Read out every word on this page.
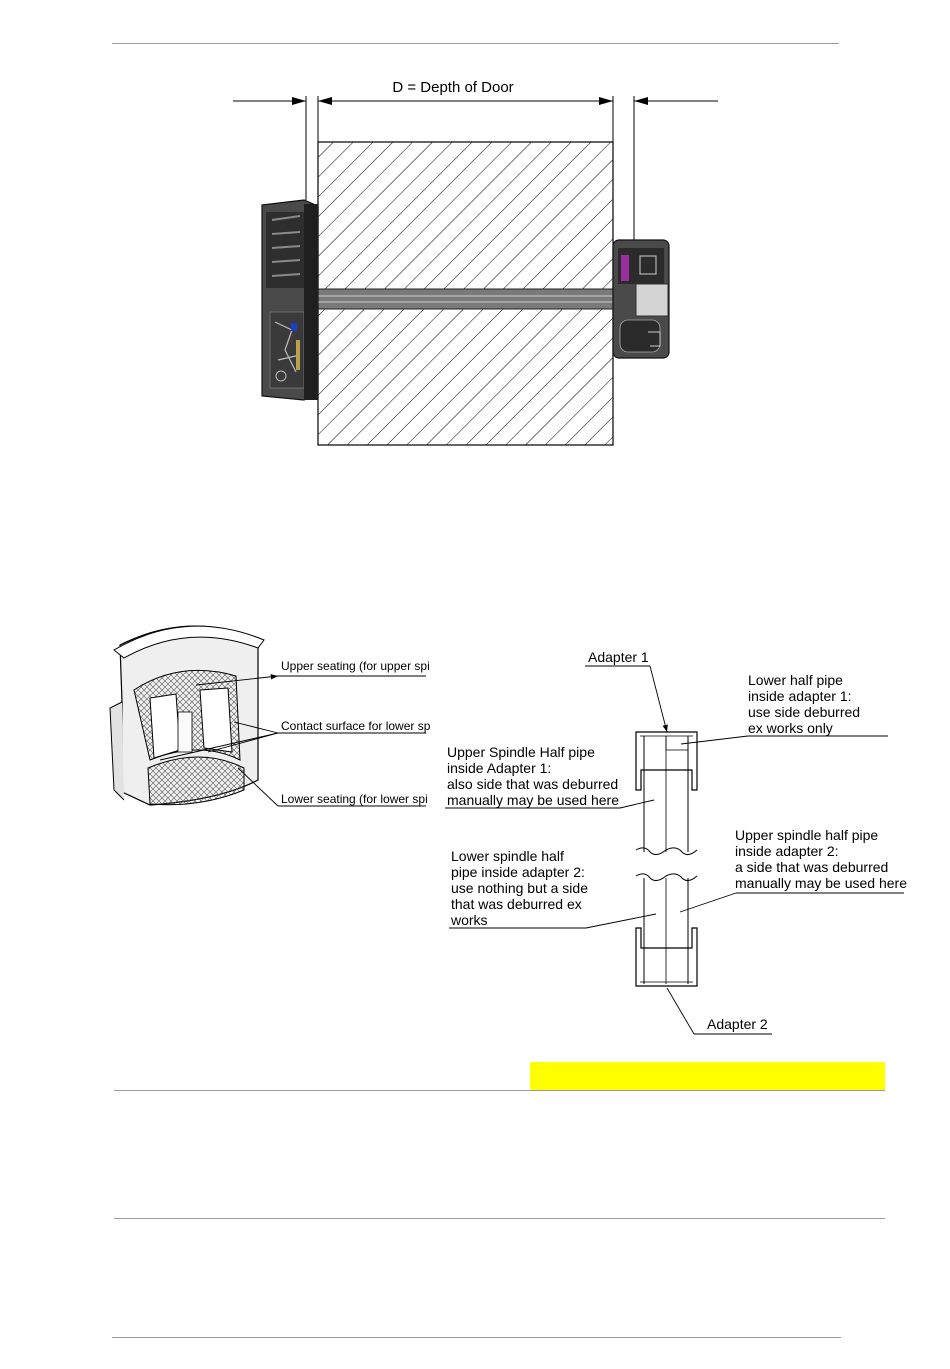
D = Depth of Door
Upper seating (for upper spi
Contact surface for lower sp
Lower seating (for lower spi
Adapter 1
Adapter 2
Lower half pipe
inside adapter 1:
use side deburred
ex works only
Upper Spindle Half pipe
inside Adapter 1:
also side that was deburred
manually may be used here
Upper spindle half pipe
inside adapter 2:
a side that was deburred
manually may be used here
Lower spindle half
pipe inside adapter 2:
use nothing but a side
that was deburred ex
works
